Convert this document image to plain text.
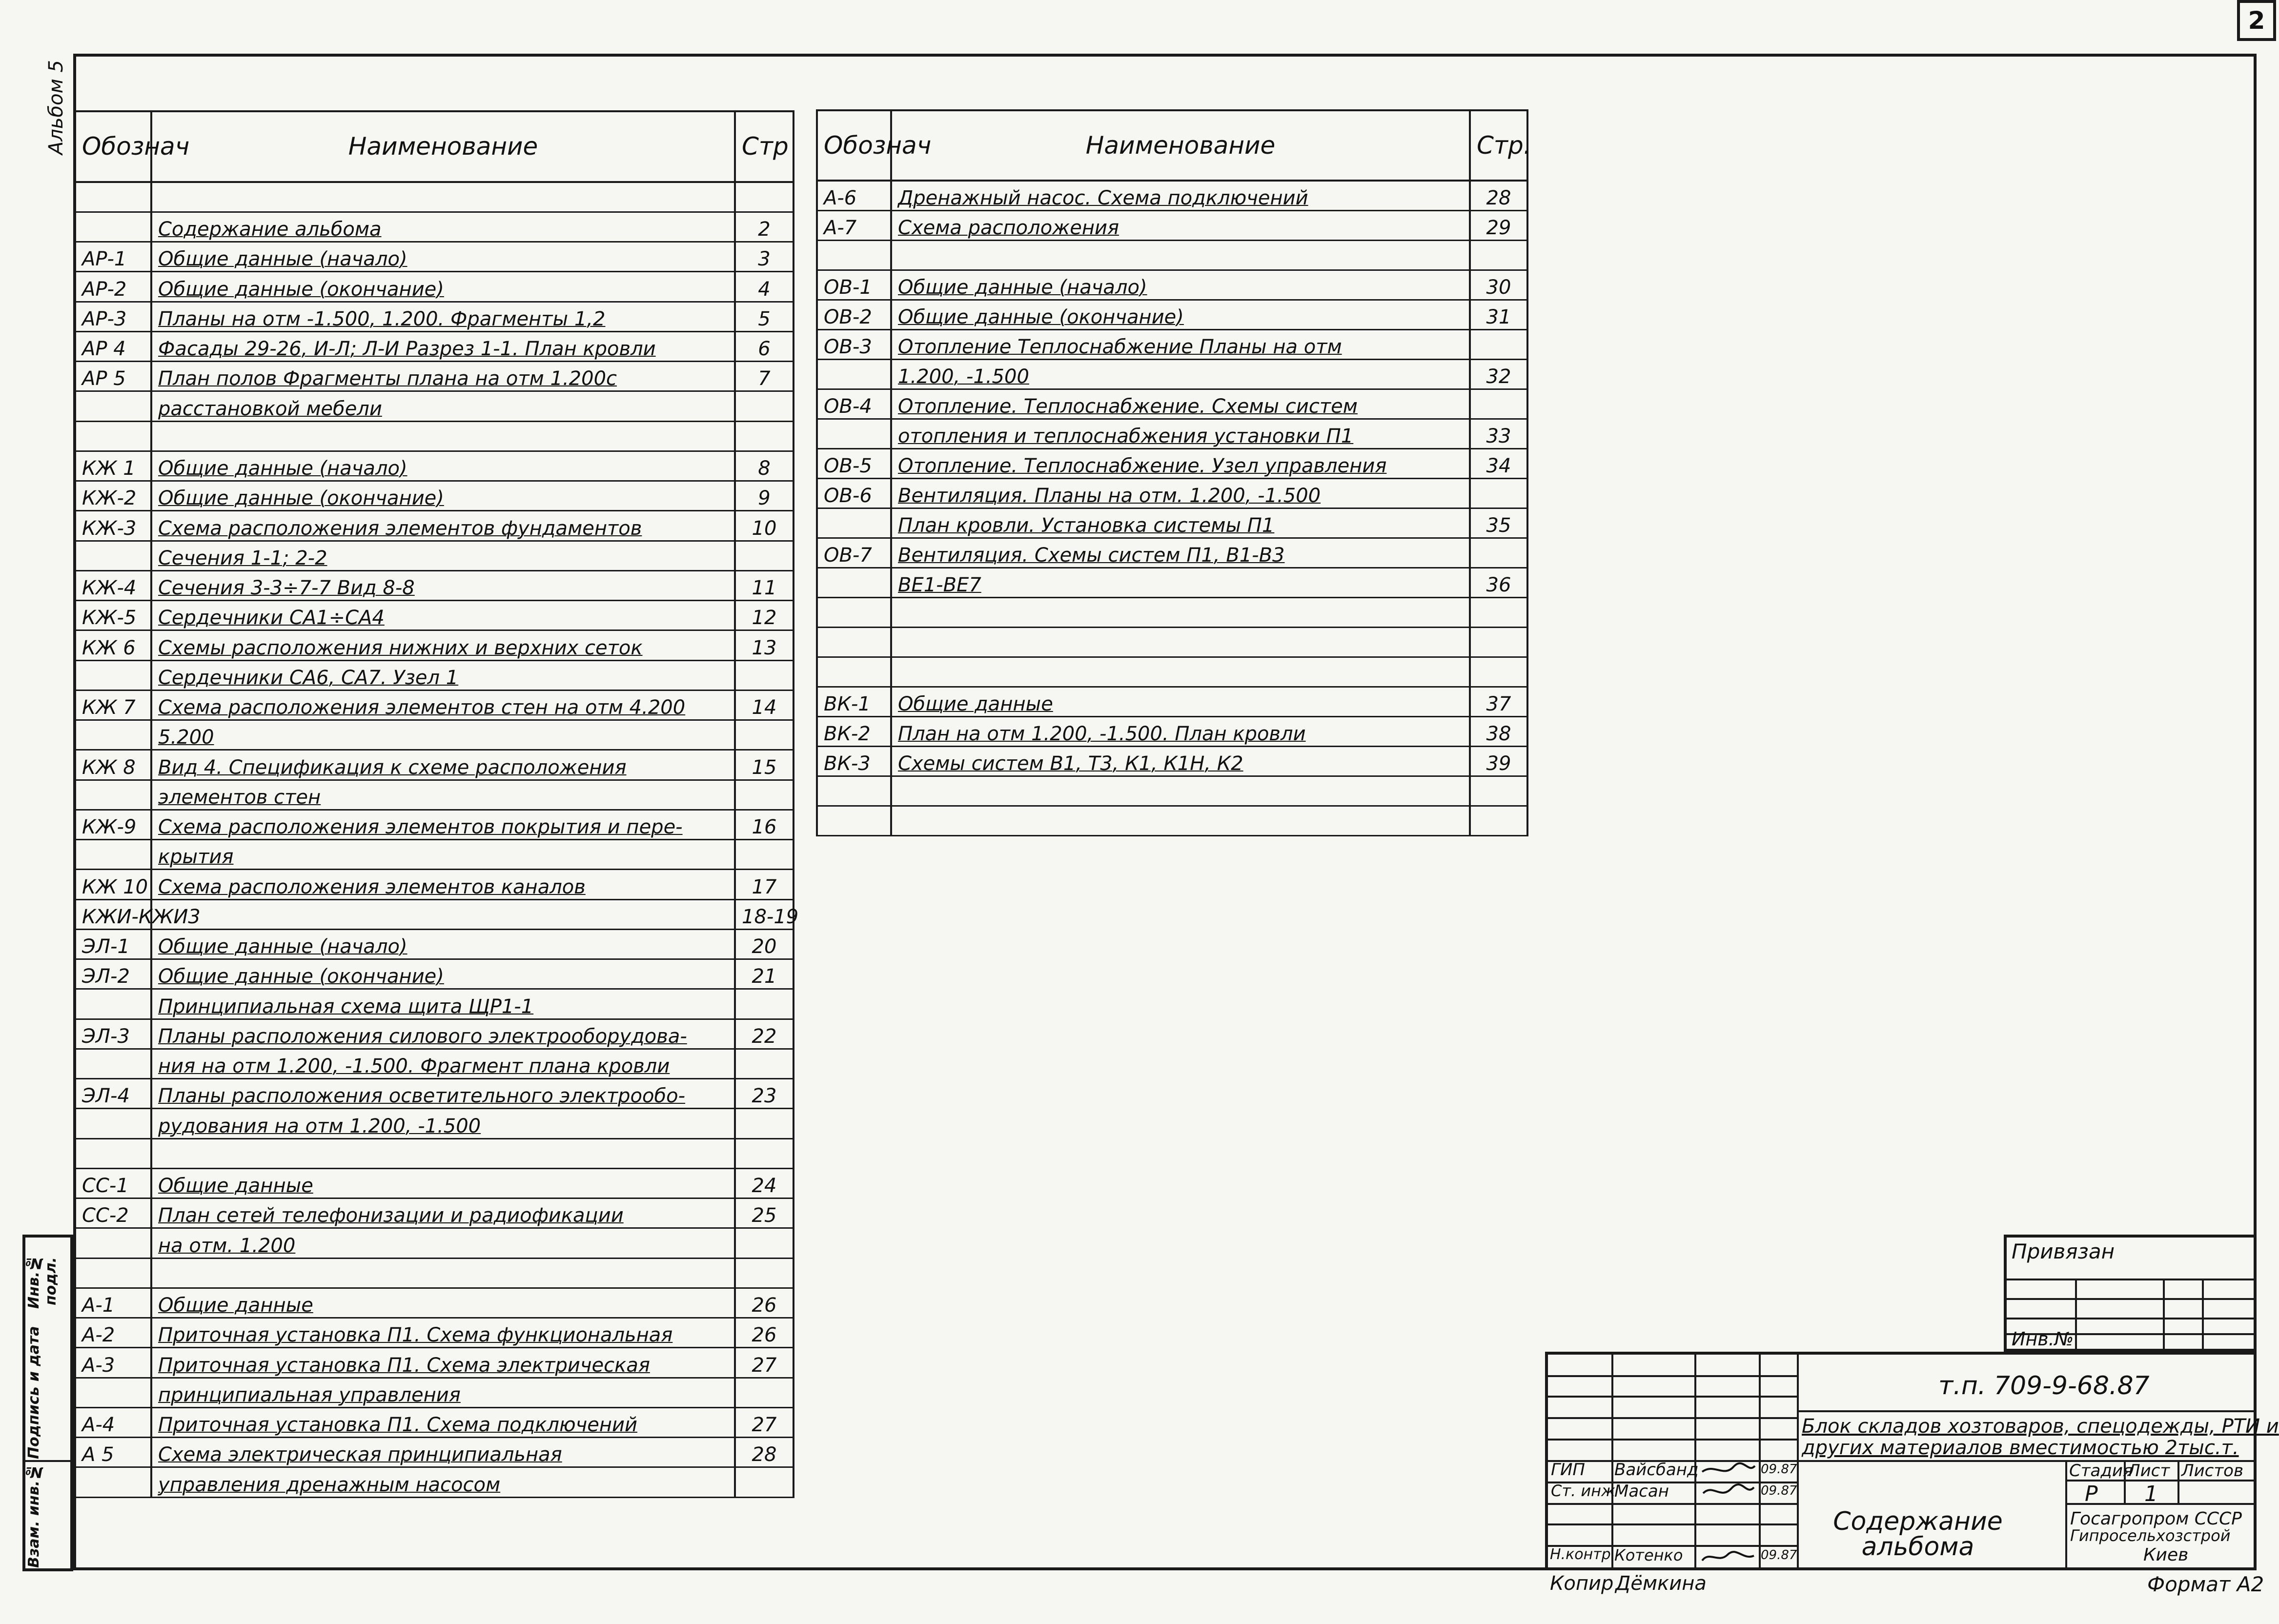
2
Альбом 5 Обознач	Наименование	Стр

	Содержание альбома	2
АР-1	Общие данные (начало)	3
АР-2	Общие данные (окончание)	4
АР-3	Планы на отм -1.500, 1.200. Фрагменты 1,2	5
АР 4	Фасады 29-26, И-Л; Л-И Разрез 1-1. План кровли	6
АР 5	План полов Фрагменты плана на отм 1.200с	7
	расстановкой мебели	

КЖ 1	Общие данные (начало)	8
КЖ-2	Общие данные (окончание)	9
КЖ-3	Схема расположения элементов фундаментов	10
	Сечения 1-1; 2-2	
КЖ-4	Сечения 3-3÷7-7 Вид 8-8	11
КЖ-5	Сердечники СА1÷СА4	12
КЖ 6	Схемы расположения нижних и верхних сеток	13
	Сердечники СА6, СА7. Узел 1	
КЖ 7	Схема расположения элементов стен на отм 4.200	14
	5.200	
КЖ 8	Вид 4. Спецификация к схеме расположения	15
	элементов стен	
КЖ-9	Схема расположения элементов покрытия и пере-	16
	крытия	
КЖ 10	Схема расположения элементов каналов	17
КЖИ-КЖИ3		18-19
ЭЛ-1	Общие данные (начало)	20
ЭЛ-2	Общие данные (окончание)	21
	Принципиальная схема щита ЩР1-1	
ЭЛ-3	Планы расположения силового электрооборудова-	22
	ния на отм 1.200, -1.500. Фрагмент плана кровли	
ЭЛ-4	Планы расположения осветительного электрообо-	23
	рудования на отм 1.200, -1.500	

СС-1	Общие данные	24
СС-2	План сетей телефонизации и радиофикации	25
	на отм. 1.200	

А-1	Общие данные	26
А-2	Приточная установка П1. Схема функциональная	26
А-3	Приточная установка П1. Схема электрическая	27
	принципиальная управления	
А-4	Приточная установка П1. Схема подключений	27
А 5	Схема электрическая принципиальная	28
	управления дренажным насосом	
Обознач	Наименование	Стр.
А-6	Дренажный насос. Схема подключений	28
А-7	Схема расположения	29

ОВ-1	Общие данные (начало)	30
ОВ-2	Общие данные (окончание)	31
ОВ-3	Отопление Теплоснабжение Планы на отм	
	1.200, -1.500	32
ОВ-4	Отопление. Теплоснабжение. Схемы систем	
	отопления и теплоснабжения установки П1	33
ОВ-5	Отопление. Теплоснабжение. Узел управления	34
ОВ-6	Вентиляция. Планы на отм. 1.200, -1.500	
	План кровли. Установка системы П1	35
ОВ-7	Вентиляция. Схемы систем П1, В1-В3	
	ВЕ1-ВЕ7	36

ВК-1	Общие данные	37
ВК-2	План на отм 1.200, -1.500. План кровли	38
ВК-3	Схемы систем В1, Т3, К1, К1Н, К2	39

Инв.№ подл.
Подпись и дата
Взам. инв.№
Привязан
Инв.№
т.п. 709-9-68.87
Блок складов хозтоваров, спецодежды, РТИ и
других материалов вместимостью 2тыс.т.
Стадия
Лист Листов
Р 1
Содержание альбома
Госагропром СССР
Гипросельхозстрой
Киев
ГИП Вайсбанд	09.87
Ст. инж
Масан	09.87
Н.контр Котенко	09.87
Копир Дёмкина	Формат А2
